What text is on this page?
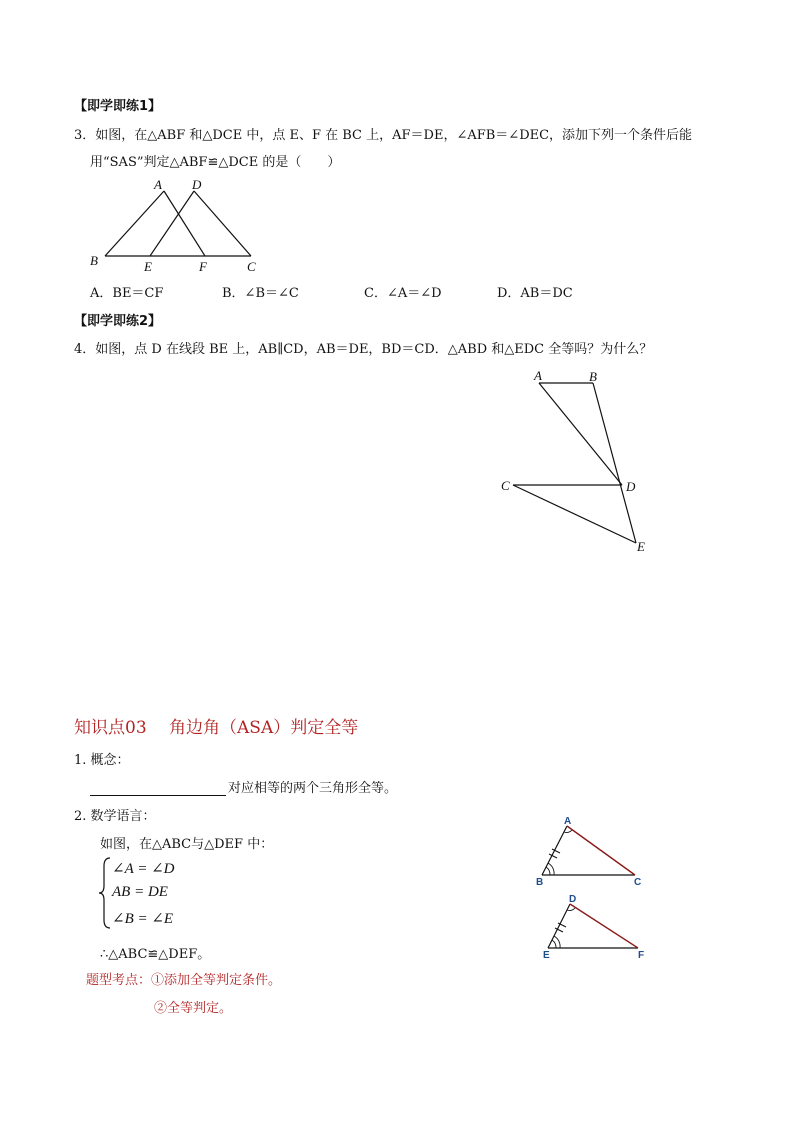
【即学即练1】
3．如图，在△ABF 和△DCE 中，点 E、F 在 BC 上，AF＝DE，∠AFB＝∠DEC，添加下列一个条件后能
用“SAS”判定△ABF≌△DCE 的是（　　）
A D
B	E	F	C
A．BE＝CF	B．∠B＝∠C	C．∠A＝∠D	D．AB＝DC
【即学即练2】
4．如图，点 D 在线段 BE 上，AB∥CD，AB＝DE，BD＝CD．△ABD 和△EDC 全等吗？为什么？
A	B
C	D
E
知识点03　 角边角（ASA）判定全等
1. 概念：
对应相等的两个三角形全等。
2. 数学语言：
如图，在△ABC与△DEF 中：
∠A = ∠D
AB = DE
∠B = ∠E
∴△ABC≌△DEF。
题型考点：①添加全等判定条件。
②全等判定。
A
B	C
D
E	F
